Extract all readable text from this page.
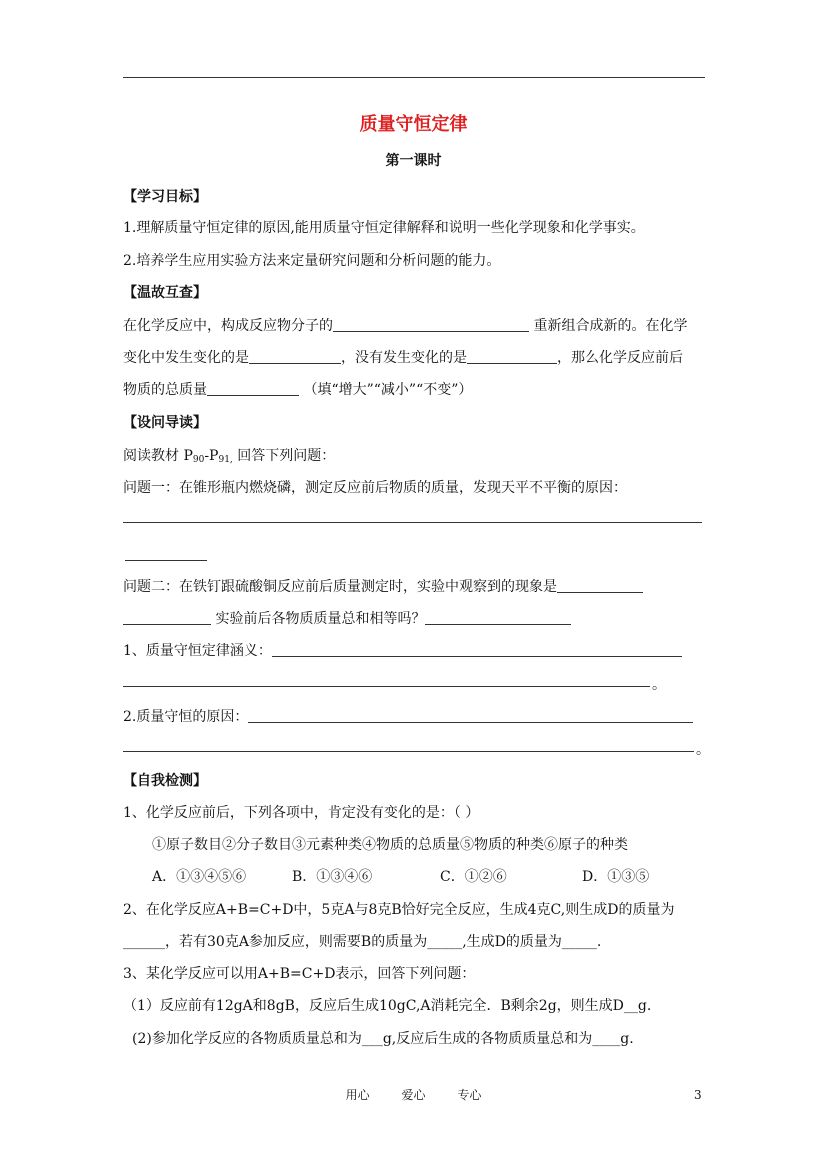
质量守恒定律
第一课时
【学习目标】
1.理解质量守恒定律的原因,能用质量守恒定律解释和说明一些化学现象和化学事实。
2.培养学生应用实验方法来定量研究问题和分析问题的能力。
【温故互查】
在化学反应中，构成反应物分子的	重新组合成新的。在化学
变化中发生变化的是	，没有发生变化的是	，那么化学反应前后
物质的总质量	（填“增大”“减小”“不变”）
【设问导读】
阅读教材 $P_{90}-P_{91,}$ 回答下列问题：
问题一：在锥形瓶内燃烧磷，测定反应前后物质的质量，发现天平不平衡的原因：
问题二：在铁钉跟硫酸铜反应前后质量测定时，实验中观察到的现象是
实验前后各物质质量总和相等吗？
1、质量守恒定律涵义：
。
2.质量守恒的原因：
。
【自我检测】
1、化学反应前后，下列各项中，肯定没有变化的是：（ ）
①原子数目②分子数目③元素种类④物质的总质量⑤物质的种类⑥原子的种类
A．①③④⑤⑥	B．①③④⑥	C．①②⑥	D．①③⑤
2、在化学反应A+B=C+D中，5克A与8克B恰好完全反应，生成4克C,则生成D的质量为
______，若有30克A参加反应，则需要B的质量为_____,生成D的质量为_____.
3、某化学反应可以用A+B=C+D表示，回答下列问题：
（1）反应前有12gA和8gB，反应后生成10gC,A消耗完全．B剩余2g，则生成D__g.
(2)参加化学反应的各物质质量总和为___g,反应后生成的各物质质量总和为____g.
用心	爱心	专心	3
